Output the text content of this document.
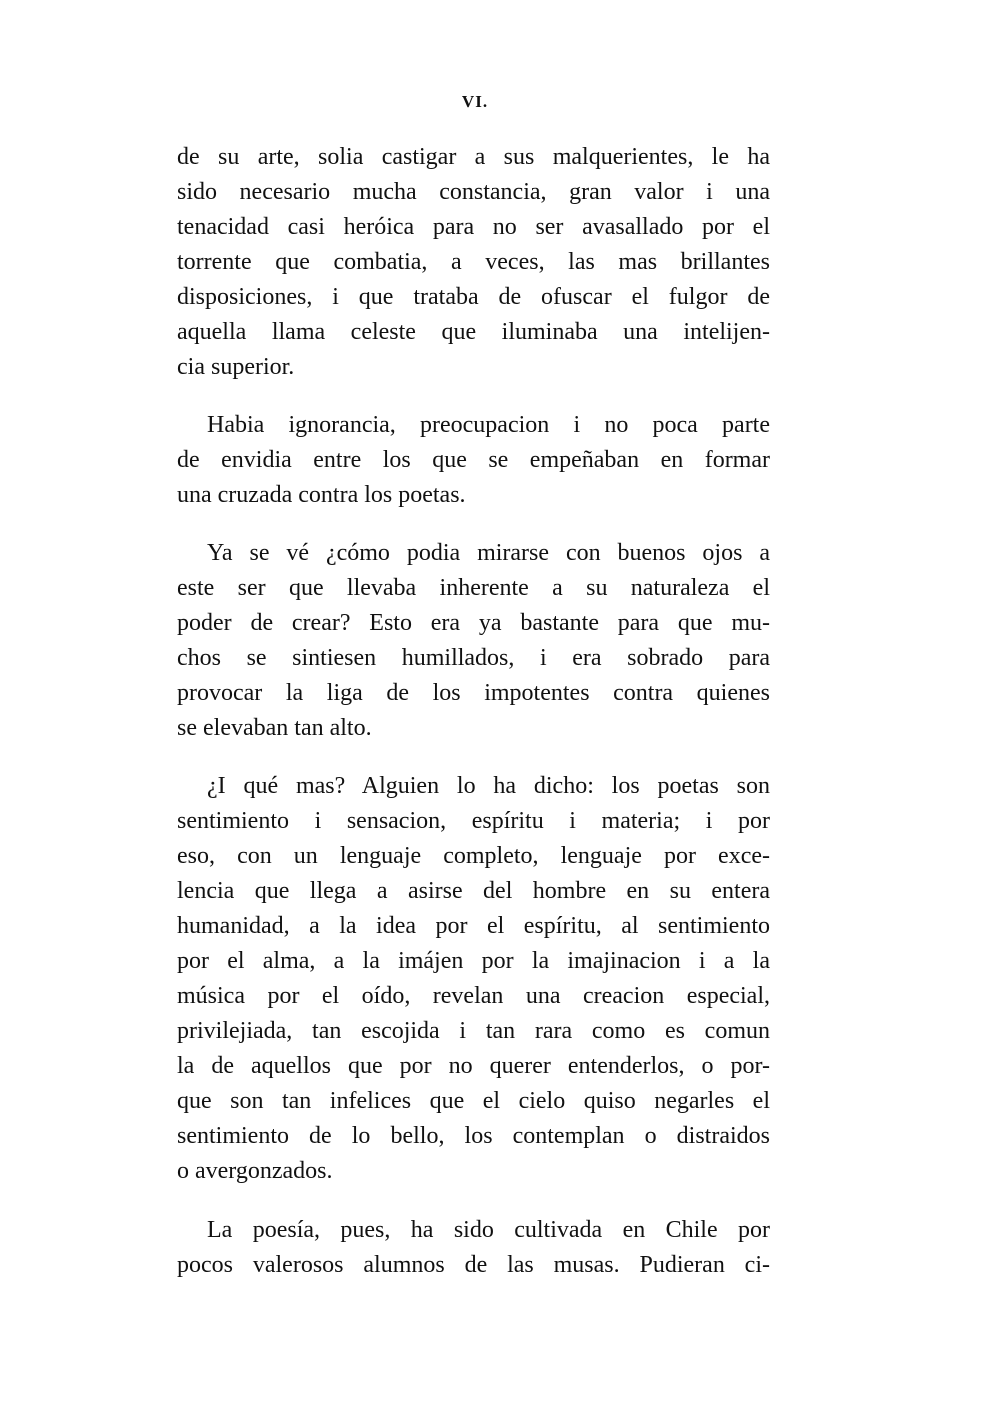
VI.
de su arte, solia castigar a sus malquerientes, le ha
sido necesario mucha constancia, gran valor i una
tenacidad casi heróica para no ser avasallado por el
torrente que combatia, a veces, las mas brillantes
disposiciones, i que trataba de ofuscar el fulgor de
aquella llama celeste que iluminaba una intelijen-
cia superior.
Habia ignorancia, preocupacion i no poca parte
de envidia entre los que se empeñaban en formar
una cruzada contra los poetas.
Ya se vé ¿cómo podia mirarse con buenos ojos a
este ser que llevaba inherente a su naturaleza el
poder de crear? Esto era ya bastante para que mu-
chos se sintiesen humillados, i era sobrado para
provocar la liga de los impotentes contra quienes
se elevaban tan alto.
¿I qué mas? Alguien lo ha dicho: los poetas son
sentimiento i sensacion, espíritu i materia; i por
eso, con un lenguaje completo, lenguaje por exce-
lencia que llega a asirse del hombre en su entera
humanidad, a la idea por el espíritu, al sentimiento
por el alma, a la imájen por la imajinacion i a la
música por el oído, revelan una creacion especial,
privilejiada, tan escojida i tan rara como es comun
la de aquellos que por no querer entenderlos, o por-
que son tan infelices que el cielo quiso negarles el
sentimiento de lo bello, los contemplan o distraidos
o avergonzados.
La poesía, pues, ha sido cultivada en Chile por
pocos valerosos alumnos de las musas. Pudieran ci-
